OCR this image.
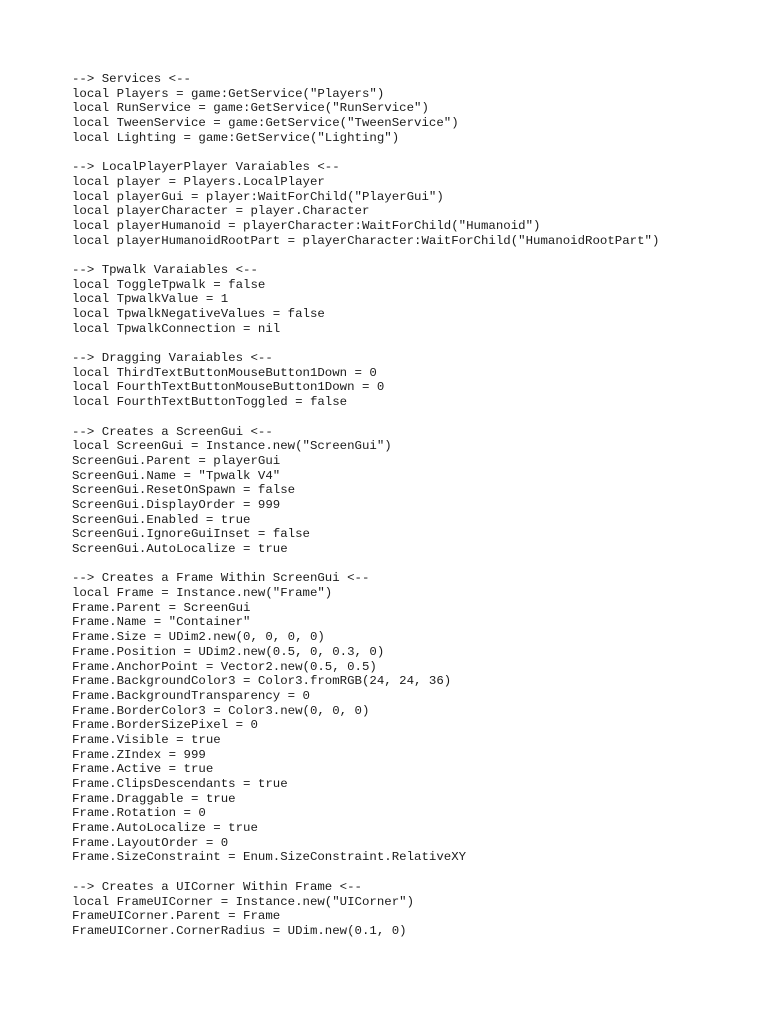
--> Services <--
local Players = game:GetService("Players")
local RunService = game:GetService("RunService")
local TweenService = game:GetService("TweenService")
local Lighting = game:GetService("Lighting")
--> LocalPlayerPlayer Varaiables <--
local player = Players.LocalPlayer
local playerGui = player:WaitForChild("PlayerGui")
local playerCharacter = player.Character
local playerHumanoid = playerCharacter:WaitForChild("Humanoid")
local playerHumanoidRootPart = playerCharacter:WaitForChild("HumanoidRootPart")
--> Tpwalk Varaiables <--
local ToggleTpwalk = false
local TpwalkValue = 1
local TpwalkNegativeValues = false
local TpwalkConnection = nil
--> Dragging Varaiables <--
local ThirdTextButtonMouseButton1Down = 0
local FourthTextButtonMouseButton1Down = 0
local FourthTextButtonToggled = false
--> Creates a ScreenGui <--
local ScreenGui = Instance.new("ScreenGui")
ScreenGui.Parent = playerGui
ScreenGui.Name = "Tpwalk V4"
ScreenGui.ResetOnSpawn = false
ScreenGui.DisplayOrder = 999
ScreenGui.Enabled = true
ScreenGui.IgnoreGuiInset = false
ScreenGui.AutoLocalize = true
--> Creates a Frame Within ScreenGui <--
local Frame = Instance.new("Frame")
Frame.Parent = ScreenGui
Frame.Name = "Container"
Frame.Size = UDim2.new(0, 0, 0, 0)
Frame.Position = UDim2.new(0.5, 0, 0.3, 0)
Frame.AnchorPoint = Vector2.new(0.5, 0.5)
Frame.BackgroundColor3 = Color3.fromRGB(24, 24, 36)
Frame.BackgroundTransparency = 0
Frame.BorderColor3 = Color3.new(0, 0, 0)
Frame.BorderSizePixel = 0
Frame.Visible = true
Frame.ZIndex = 999
Frame.Active = true
Frame.ClipsDescendants = true
Frame.Draggable = true
Frame.Rotation = 0
Frame.AutoLocalize = true
Frame.LayoutOrder = 0
Frame.SizeConstraint = Enum.SizeConstraint.RelativeXY
--> Creates a UICorner Within Frame <--
local FrameUICorner = Instance.new("UICorner")
FrameUICorner.Parent = Frame
FrameUICorner.CornerRadius = UDim.new(0.1, 0)
